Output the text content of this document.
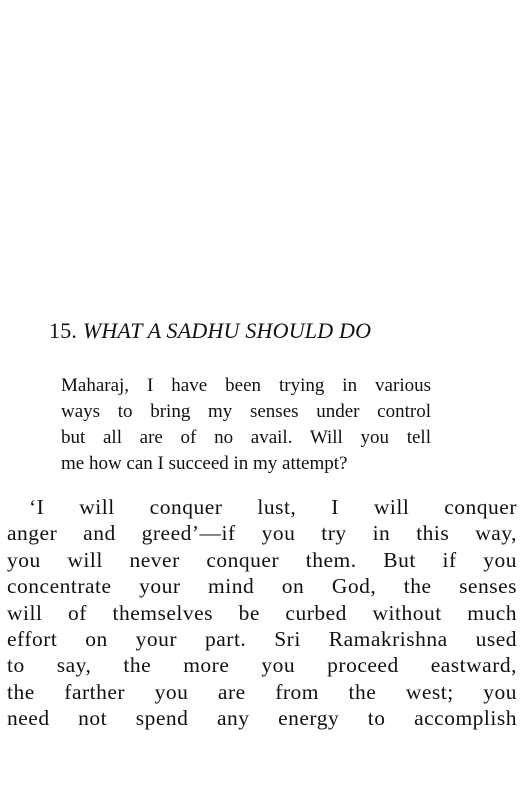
15. WHAT A SADHU SHOULD DO
Maharaj, I have been trying in various
ways to bring my senses under control
but all are of no avail. Will you tell
me how can I succeed in my attempt?
‘I will conquer lust, I will conquer
anger and greed’—if you try in this way,
you will never conquer them. But if you
concentrate your mind on God, the senses
will of themselves be curbed without much
effort on your part. Sri Ramakrishna used
to say, the more you proceed eastward,
the farther you are from the west; you
need not spend any energy to accomplish
